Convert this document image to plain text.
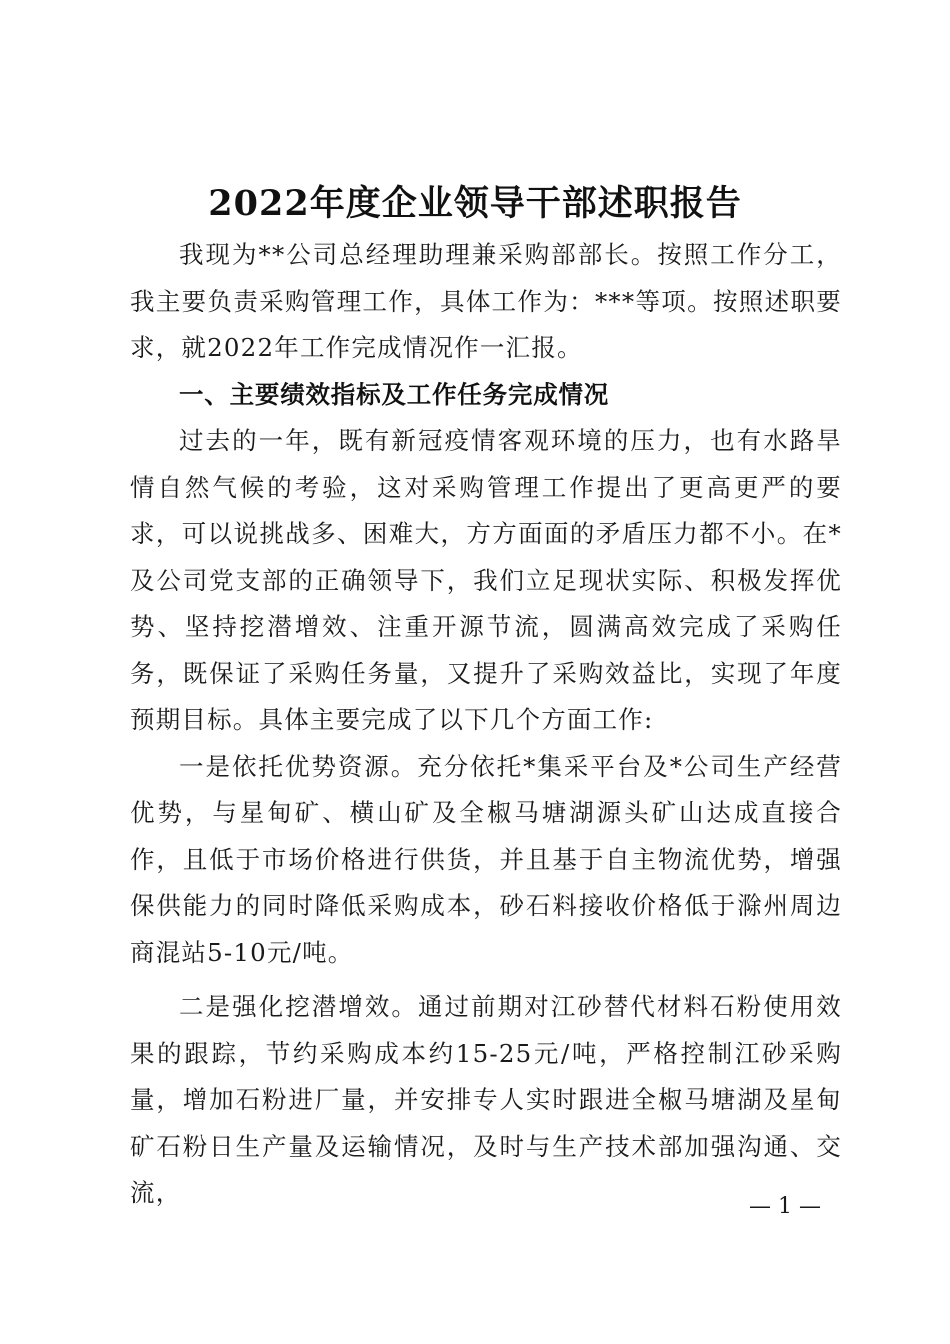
2022年度企业领导干部述职报告

我现为**公司总经理助理兼采购部部长。按照工作分工，我主要负责采购管理工作，具体工作为：***等项。按照述职要求，就2022年工作完成情况作一汇报。

一、主要绩效指标及工作任务完成情况

过去的一年，既有新冠疫情客观环境的压力，也有水路旱情自然气候的考验，这对采购管理工作提出了更高更严的要求，可以说挑战多、困难大，方方面面的矛盾压力都不小。在*及公司党支部的正确领导下，我们立足现状实际、积极发挥优势、坚持挖潜增效、注重开源节流，圆满高效完成了采购任务，既保证了采购任务量，又提升了采购效益比，实现了年度预期目标。具体主要完成了以下几个方面工作:

一是依托优势资源。充分依托*集采平台及*公司生产经营优势，与星甸矿、横山矿及全椒马塘湖源头矿山达成直接合作，且低于市场价格进行供货，并且基于自主物流优势，增强保供能力的同时降低采购成本，砂石料接收价格低于滁州周边商混站5-10元/吨。

二是强化挖潜增效。通过前期对江砂替代材料石粉使用效果的跟踪，节约采购成本约15-25元/吨，严格控制江砂采购量，增加石粉进厂量，并安排专人实时跟进全椒马塘湖及星甸矿石粉日生产量及运输情况，及时与生产技术部加强沟通、交流，	— 1 —
